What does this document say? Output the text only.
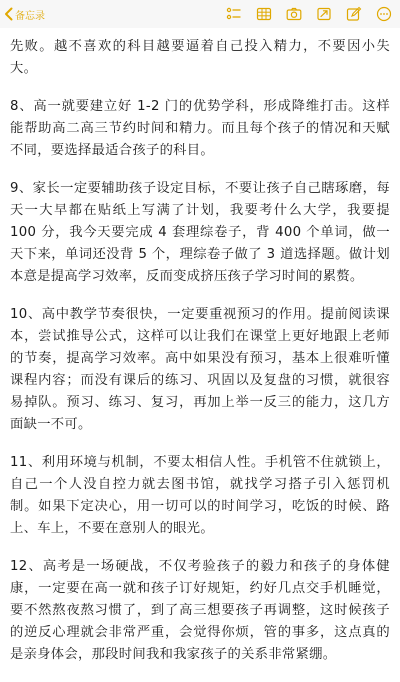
备忘录

先败。越不喜欢的科目越要逼着自己投入精力，不要因小失大。

8、高一就要建立好 1-2 门的优势学科，形成降维打击。这样能帮助高二高三节约时间和精力。而且每个孩子的情况和天赋不同，要选择最适合孩子的科目。

9、家长一定要辅助孩子设定目标，不要让孩子自己瞎琢磨，每天一大早都在贴纸上写满了计划，我要考什么大学，我要提 100 分，我今天要完成 4 套理综卷子，背 400 个单词，做一天下来，单词还没背 5 个，理综卷子做了 3 道选择题。做计划本意是提高学习效率，反而变成挤压孩子学习时间的累赘。

10、高中教学节奏很快，一定要重视预习的作用。提前阅读课本，尝试推导公式，这样可以让我们在课堂上更好地跟上老师的节奏，提高学习效率。高中如果没有预习，基本上很难听懂课程内容；而没有课后的练习、巩固以及复盘的习惯，就很容易掉队。预习、练习、复习，再加上举一反三的能力，这几方面缺一不可。

11、利用环境与机制，不要太相信人性。手机管不住就锁上，自己一个人没自控力就去图书馆，就找学习搭子引入惩罚机制。如果下定决心，用一切可以的时间学习，吃饭的时候、路上、车上，不要在意别人的眼光。

12、高考是一场硬战，不仅考验孩子的毅力和孩子的身体健康，一定要在高一就和孩子订好规矩，约好几点交手机睡觉，要不然熬夜熬习惯了，到了高三想要孩子再调整，这时候孩子的逆反心理就会非常严重，会觉得你烦，管的事多，这点真的是亲身体会，那段时间我和我家孩子的关系非常紧绷。
